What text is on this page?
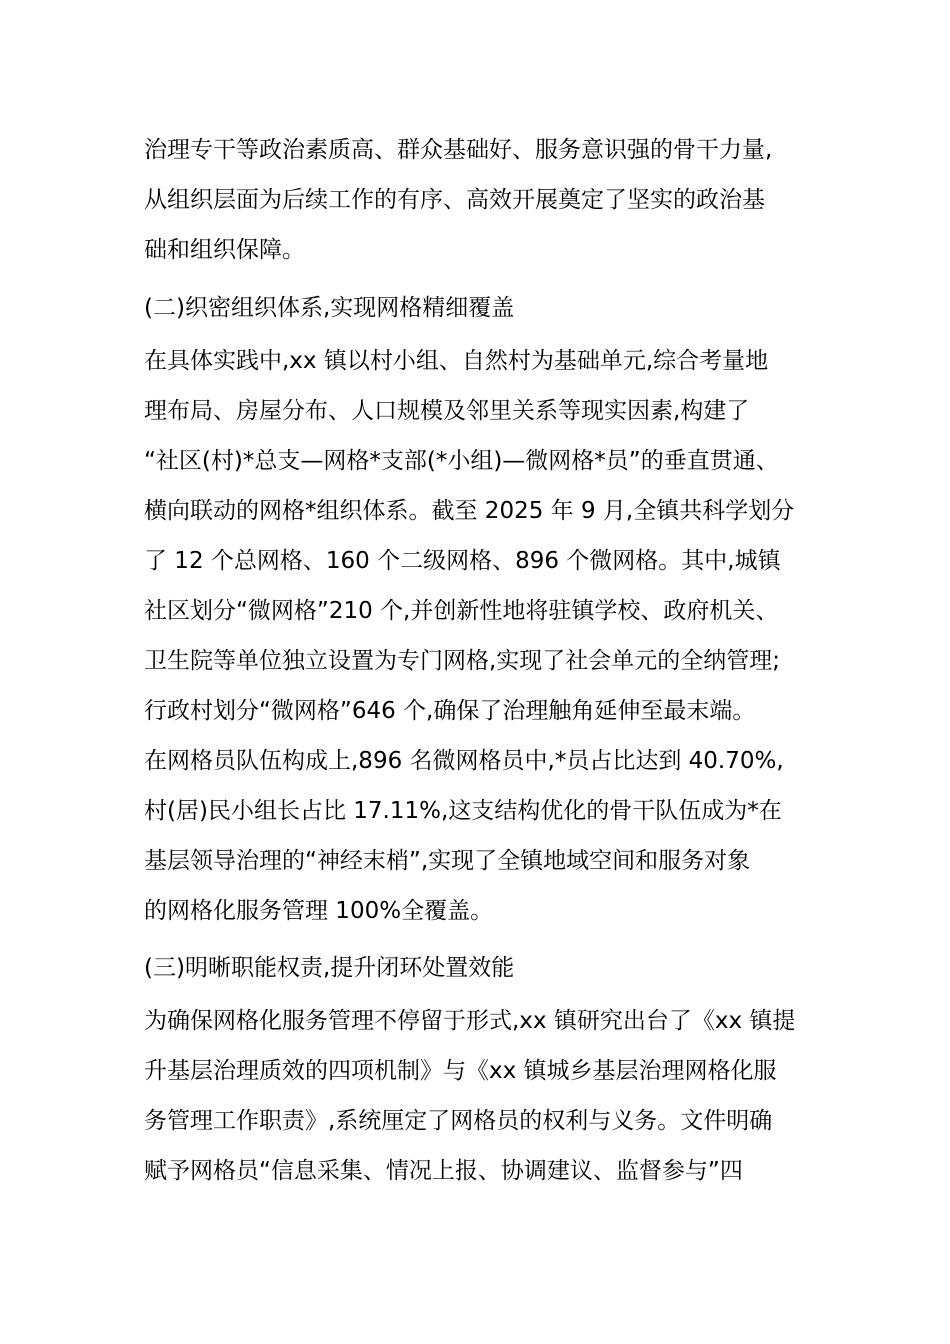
治理专干等政治素质高、群众基础好、服务意识强的骨干力量,
从组织层面为后续工作的有序、高效开展奠定了坚实的政治基
础和组织保障。
(二)织密组织体系,实现网格精细覆盖
在具体实践中,xx 镇以村小组、自然村为基础单元,综合考量地
理布局、房屋分布、人口规模及邻里关系等现实因素,构建了
“社区(村)*总支—网格*支部(*小组)—微网格*员”的垂直贯通、
横向联动的网格*组织体系。截至 2025 年 9 月,全镇共科学划分
了 12 个总网格、160 个二级网格、896 个微网格。其中,城镇
社区划分“微网格”210 个,并创新性地将驻镇学校、政府机关、
卫生院等单位独立设置为专门网格,实现了社会单元的全纳管理;
行政村划分“微网格”646 个,确保了治理触角延伸至最末端。
在网格员队伍构成上,896 名微网格员中,*员占比达到 40.70%,
村(居)民小组长占比 17.11%,这支结构优化的骨干队伍成为*在
基层领导治理的“神经末梢”,实现了全镇地域空间和服务对象
的网格化服务管理 100%全覆盖。
(三)明晰职能权责,提升闭环处置效能
为确保网格化服务管理不停留于形式,xx 镇研究出台了《xx 镇提
升基层治理质效的四项机制》与《xx 镇城乡基层治理网格化服
务管理工作职责》,系统厘定了网格员的权利与义务。文件明确
赋予网格员“信息采集、情况上报、协调建议、监督参与”四
